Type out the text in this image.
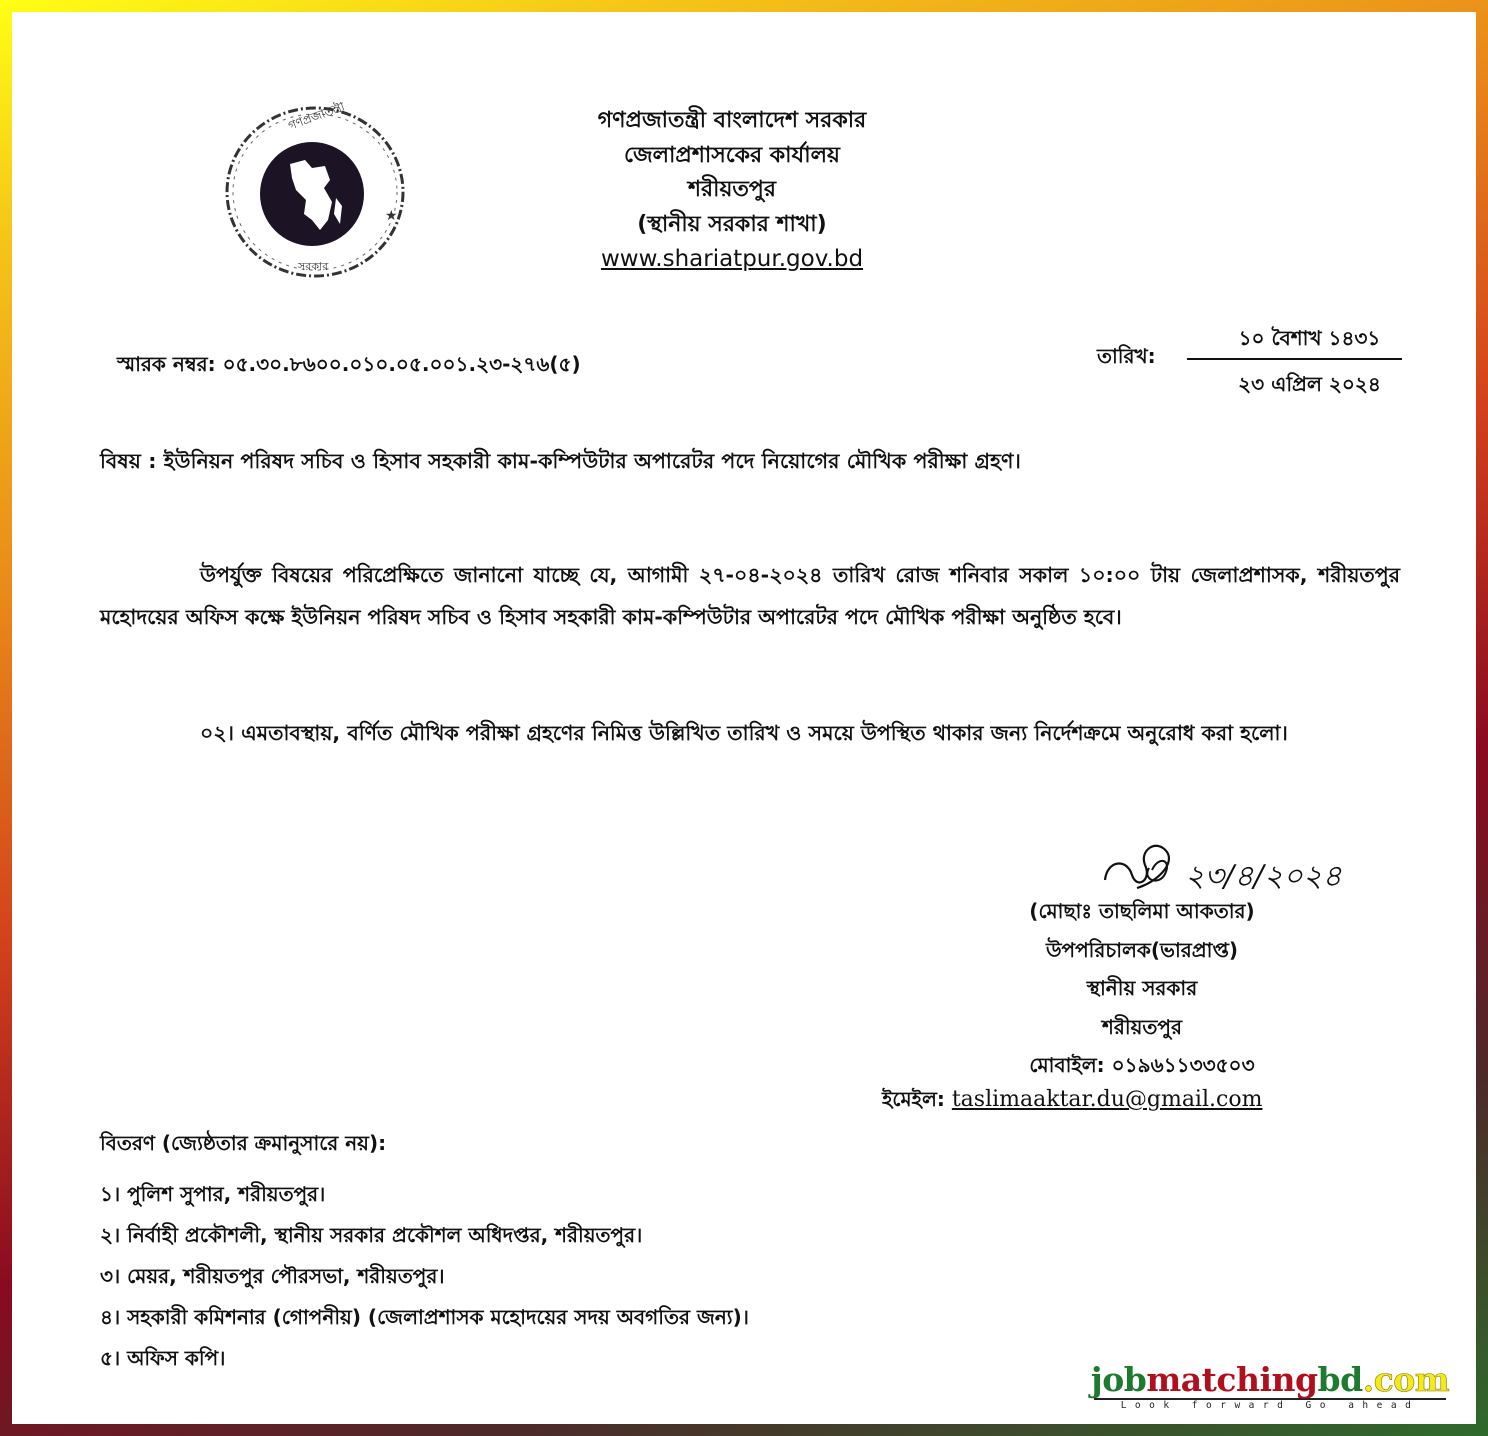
গণপ্রজাতন্ত্রী
★
সরকার
গণপ্রজাতন্ত্রী বাংলাদেশ সরকার
জেলাপ্রশাসকের কার্যালয়
শরীয়তপুর
(স্থানীয় সরকার শাখা)
www.shariatpur.gov.bd
স্মারক নম্বর: ০৫.৩০.৮৬০০.০১০.০৫.০০১.২৩-২৭৬(৫)	তারিখ:
১০ বৈশাখ ১৪৩১
২৩ এপ্রিল ২০২৪
বিষয় : ইউনিয়ন পরিষদ সচিব ও হিসাব সহকারী কাম-কম্পিউটার অপারেটর পদে নিয়োগের মৌখিক পরীক্ষা গ্রহণ।
উপর্যুক্ত বিষয়ের পরিপ্রেক্ষিতে জানানো যাচ্ছে যে, আগামী ২৭-০৪-২০২৪ তারিখ রোজ শনিবার সকাল ১০:০০ টায় জেলাপ্রশাসক, শরীয়তপুর মহোদয়ের অফিস কক্ষে ইউনিয়ন পরিষদ সচিব ও হিসাব সহকারী কাম-কম্পিউটার অপারেটর পদে মৌখিক পরীক্ষা অনুষ্ঠিত হবে।
০২। এমতাবস্থায়, বর্ণিত মৌখিক পরীক্ষা গ্রহণের নিমিত্ত উল্লিখিত তারিখ ও সময়ে উপস্থিত থাকার জন্য নির্দেশক্রমে অনুরোধ করা হলো।
২৩/৪/২০২৪
(মোছাঃ তাছলিমা আকতার)
উপপরিচালক(ভারপ্রাপ্ত)
স্থানীয় সরকার
শরীয়তপুর
মোবাইল: ০১৯৬১১৩৩৫০৩
ইমেইল: taslimaaktar.du@gmail.com
বিতরণ (জ্যেষ্ঠতার ক্রমানুসারে নয়):
১। পুলিশ সুপার, শরীয়তপুর।
২। নির্বাহী প্রকৌশলী, স্থানীয় সরকার প্রকৌশল অধিদপ্তর, শরীয়তপুর।
৩। মেয়র, শরীয়তপুর পৌরসভা, শরীয়তপুর।
৪। সহকারী কমিশনার (গোপনীয়) (জেলাপ্রশাসক মহোদয়ের সদয় অবগতির জন্য)।
৫। অফিস কপি।
jobmatchingbd.com
Look forward Go ahead
